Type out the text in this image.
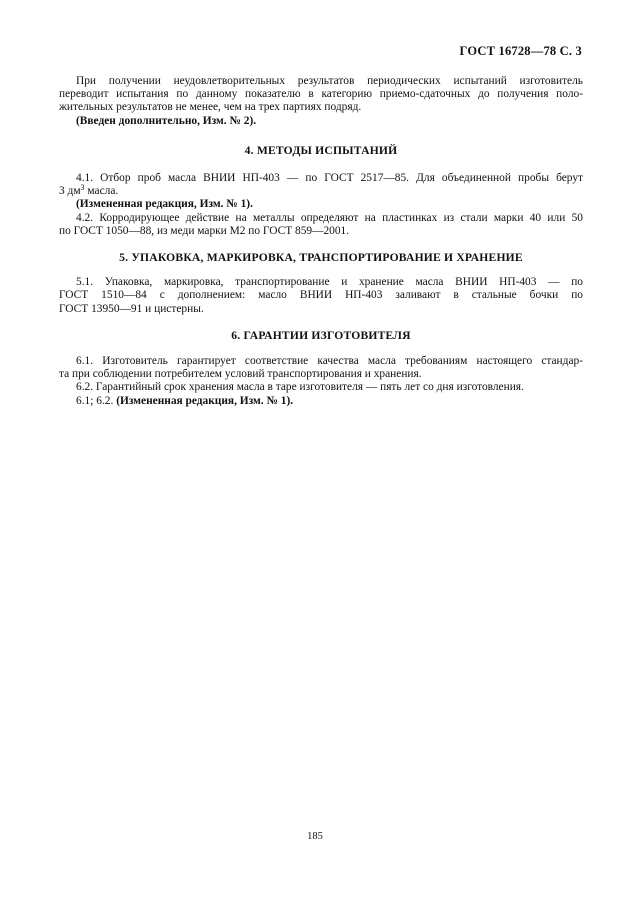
ГОСТ 16728—78 С. 3

При получении неудовлетворительных результатов периодических испытаний изготовитель

переводит испытания по данному показателю в категорию приемо-сдаточных до получения поло-
жительных результатов не менее, чем на трех партиях подряд.

(Введен дополнительно, Изм. № 2).

4. МЕТОДЫ ИСПЫТАНИЙ

4.1. Отбор проб масла ВНИИ НП-403 — по ГОСТ 2517—85. Для объединенной пробы берут

3 $дм^3$ масла.

(Измененная редакция, Изм. № 1).

4.2. Корродирующее действие на металлы определяют на пластинках из стали марки 40 или 50

по ГОСТ 1050—88, из меди марки М2 по ГОСТ 859—2001.

5. УПАКОВКА, МАРКИРОВКА, ТРАНСПОРТИРОВАНИЕ И ХРАНЕНИЕ

5.1. Упаковка, маркировка, транспортирование и хранение масла ВНИИ НП-403 — по

ГОСТ 1510—84 с дополнением: масло ВНИИ НП-403 заливают в стальные бочки по
ГОСТ 13950—91 и цистерны.

6. ГАРАНТИИ ИЗГОТОВИТЕЛЯ

6.1. Изготовитель гарантирует соответствие качества масла требованиям настоящего стандар-

та при соблюдении потребителем условий транспортирования и хранения.

6.2. Гарантийный срок хранения масла в таре изготовителя — пять лет со дня изготовления.

6.1; 6.2. (Измененная редакция, Изм. № 1).

185
